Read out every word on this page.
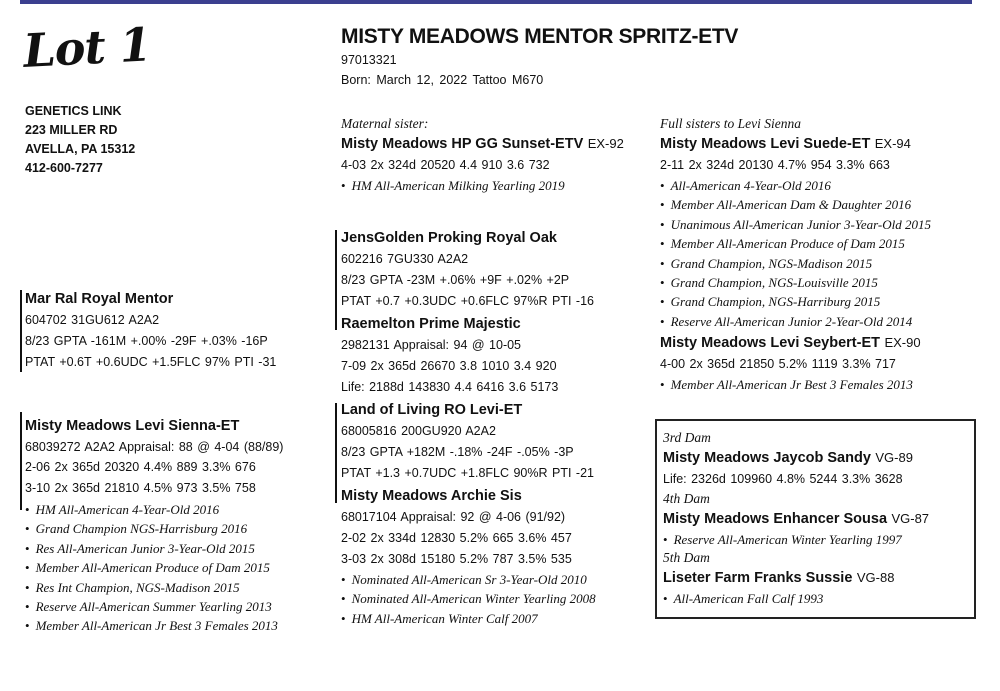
Lot 1
GENETICS LINK
223 MILLER RD
AVELLA, PA 15312
412-600-7277
MISTY MEADOWS MENTOR SPRITZ-ETV
97013321
Born: March 12, 2022 Tattoo M670
Maternal sister:
Misty Meadows HP GG Sunset-ETV EX-92
4-03 2x 324d 20520 4.4 910 3.6 732
• HM All-American Milking Yearling 2019
Mar Ral Royal Mentor
604702 31GU612 A2A2
8/23 GPTA -161M +.00% -29F +.03% -16P
PTAT +0.6T +0.6UDC +1.5FLC 97% PTI -31
Misty Meadows Levi Sienna-ET
68039272 A2A2 Appraisal: 88 @ 4-04 (88/89)
2-06 2x 365d 20320 4.4% 889 3.3% 676
3-10 2x 365d 21810 4.5% 973 3.5% 758
• HM All-American 4-Year-Old 2016
• Grand Champion NGS-Harrisburg 2016
• Res All-American Junior 3-Year-Old 2015
• Member All-American Produce of Dam 2015
• Res Int Champion, NGS-Madison 2015
• Reserve All-American Summer Yearling 2013
• Member All-American Jr Best 3 Females 2013
JensGolden Proking Royal Oak
602216 7GU330 A2A2
8/23 GPTA -23M +.06% +9F +.02% +2P
PTAT +0.7 +0.3UDC +0.6FLC 97%R PTI -16
Raemelton Prime Majestic
2982131 Appraisal: 94 @ 10-05
7-09 2x 365d 26670 3.8 1010 3.4 920
Life: 2188d 143830 4.4 6416 3.6 5173
Land of Living RO Levi-ET
68005816 200GU920 A2A2
8/23 GPTA +182M -.18% -24F -.05% -3P
PTAT +1.3 +0.7UDC +1.8FLC 90%R PTI -21
Misty Meadows Archie Sis
68017104 Appraisal: 92 @ 4-06 (91/92)
2-02 2x 334d 12830 5.2% 665 3.6% 457
3-03 2x 308d 15180 5.2% 787 3.5% 535
• Nominated All-American Sr 3-Year-Old 2010
• Nominated All-American Winter Yearling 2008
• HM All-American Winter Calf 2007
Full sisters to Levi Sienna
Misty Meadows Levi Suede-ET EX-94
2-11 2x 324d 20130 4.7% 954 3.3% 663
• All-American 4-Year-Old 2016
• Member All-American Dam & Daughter 2016
• Unanimous All-American Junior 3-Year-Old 2015
• Member All-American Produce of Dam 2015
• Grand Champion, NGS-Madison 2015
• Grand Champion, NGS-Louisville 2015
• Grand Champion, NGS-Harriburg 2015
• Reserve All-American Junior 2-Year-Old 2014
Misty Meadows Levi Seybert-ET EX-90
4-00 2x 365d 21850 5.2% 1119 3.3% 717
• Member All-American Jr Best 3 Females 2013
3rd Dam
Misty Meadows Jaycob Sandy VG-89
Life: 2326d 109960 4.8% 5244 3.3% 3628
4th Dam
Misty Meadows Enhancer Sousa VG-87
• Reserve All-American Winter Yearling 1997
5th Dam
Liseter Farm Franks Sussie VG-88
• All-American Fall Calf 1993
